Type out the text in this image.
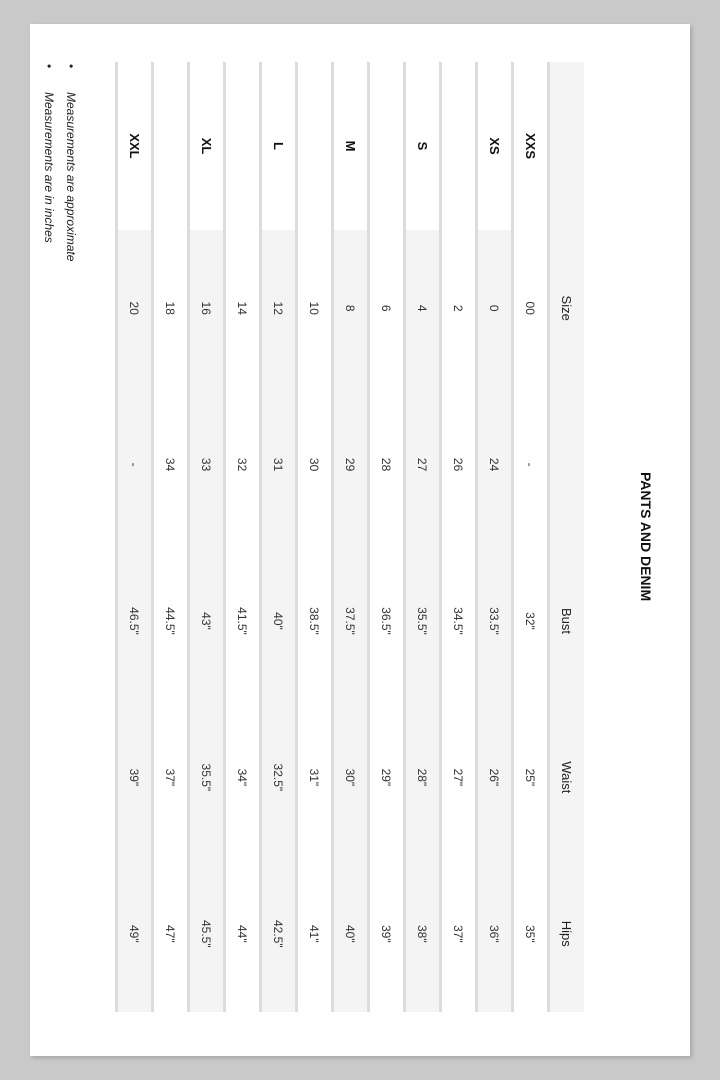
PANTS AND DENIM
	Size		Bust	Waist	Hips
XXS	00	-	32"	25"	35"
XS	0	24	33.5"	26"	36"
	2	26	34.5"	27"	37"
S	4	27	35.5"	28"	38"
	6	28	36.5"	29"	39"
M	8	29	37.5"	30"	40"
	10	30	38.5"	31"	41"
L	12	31	40"	32.5"	42.5"
	14	32	41.5"	34"	44"
XL	16	33	43"	35.5"	45.5"
	18	34	44.5"	37"	47"
XXL	20	-	46.5"	39"	49"
•
Measurements are approximate
•
Measurements are in inches
